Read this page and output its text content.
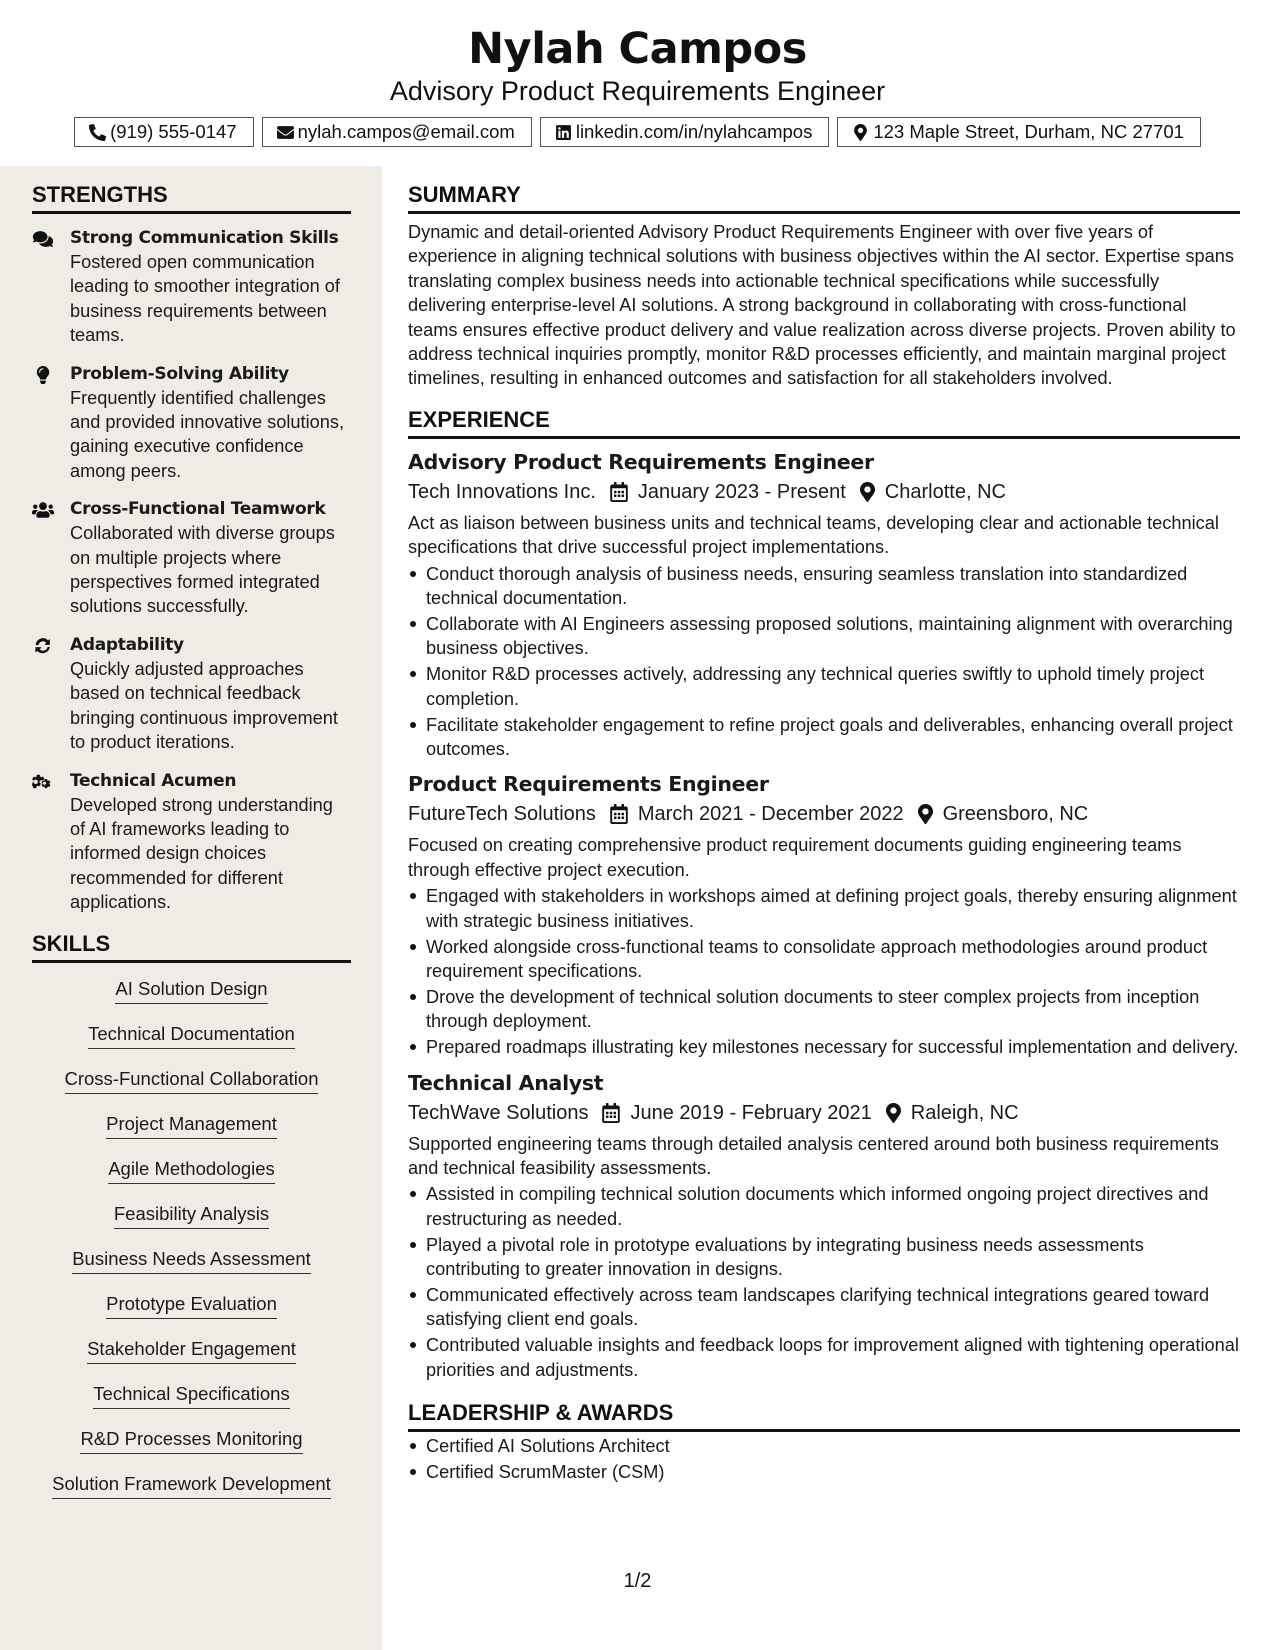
Nylah Campos
Advisory Product Requirements Engineer
(919) 555-0147	nylah.campos@email.com	linkedin.com/in/nylahcampos	123 Maple Street, Durham, NC 27701
STRENGTHS
Strong Communication Skills
Fostered open communication leading to smoother integration of business requirements between teams.
Problem-Solving Ability
Frequently identified challenges and provided innovative solutions, gaining executive confidence among peers.
Cross-Functional Teamwork
Collaborated with diverse groups on multiple projects where perspectives formed integrated solutions successfully.
Adaptability
Quickly adjusted approaches based on technical feedback bringing continuous improvement to product iterations.
Technical Acumen
Developed strong understanding of AI frameworks leading to informed design choices recommended for different applications.
SKILLS
AI Solution Design
Technical Documentation
Cross-Functional Collaboration
Project Management
Agile Methodologies
Feasibility Analysis
Business Needs Assessment
Prototype Evaluation
Stakeholder Engagement
Technical Specifications
R&D Processes Monitoring
Solution Framework Development
SUMMARY
Dynamic and detail-oriented Advisory Product Requirements Engineer with over five years of experience in aligning technical solutions with business objectives within the AI sector. Expertise spans translating complex business needs into actionable technical specifications while successfully delivering enterprise-level AI solutions. A strong background in collaborating with cross-functional teams ensures effective product delivery and value realization across diverse projects. Proven ability to address technical inquiries promptly, monitor R&D processes efficiently, and maintain marginal project timelines, resulting in enhanced outcomes and satisfaction for all stakeholders involved.
EXPERIENCE
Advisory Product Requirements Engineer
Tech Innovations Inc. January 2023 - Present Charlotte, NC
Act as liaison between business units and technical teams, developing clear and actionable technical specifications that drive successful project implementations.
Conduct thorough analysis of business needs, ensuring seamless translation into standardized technical documentation.
Collaborate with AI Engineers assessing proposed solutions, maintaining alignment with overarching business objectives.
Monitor R&D processes actively, addressing any technical queries swiftly to uphold timely project completion.
Facilitate stakeholder engagement to refine project goals and deliverables, enhancing overall project outcomes.
Product Requirements Engineer
FutureTech Solutions March 2021 - December 2022 Greensboro, NC
Focused on creating comprehensive product requirement documents guiding engineering teams through effective project execution.
Engaged with stakeholders in workshops aimed at defining project goals, thereby ensuring alignment with strategic business initiatives.
Worked alongside cross-functional teams to consolidate approach methodologies around product requirement specifications.
Drove the development of technical solution documents to steer complex projects from inception through deployment.
Prepared roadmaps illustrating key milestones necessary for successful implementation and delivery.
Technical Analyst
TechWave Solutions June 2019 - February 2021 Raleigh, NC
Supported engineering teams through detailed analysis centered around both business requirements and technical feasibility assessments.
Assisted in compiling technical solution documents which informed ongoing project directives and restructuring as needed.
Played a pivotal role in prototype evaluations by integrating business needs assessments contributing to greater innovation in designs.
Communicated effectively across team landscapes clarifying technical integrations geared toward satisfying client end goals.
Contributed valuable insights and feedback loops for improvement aligned with tightening operational priorities and adjustments.
LEADERSHIP & AWARDS
Certified AI Solutions Architect
Certified ScrumMaster (CSM)
1/2
